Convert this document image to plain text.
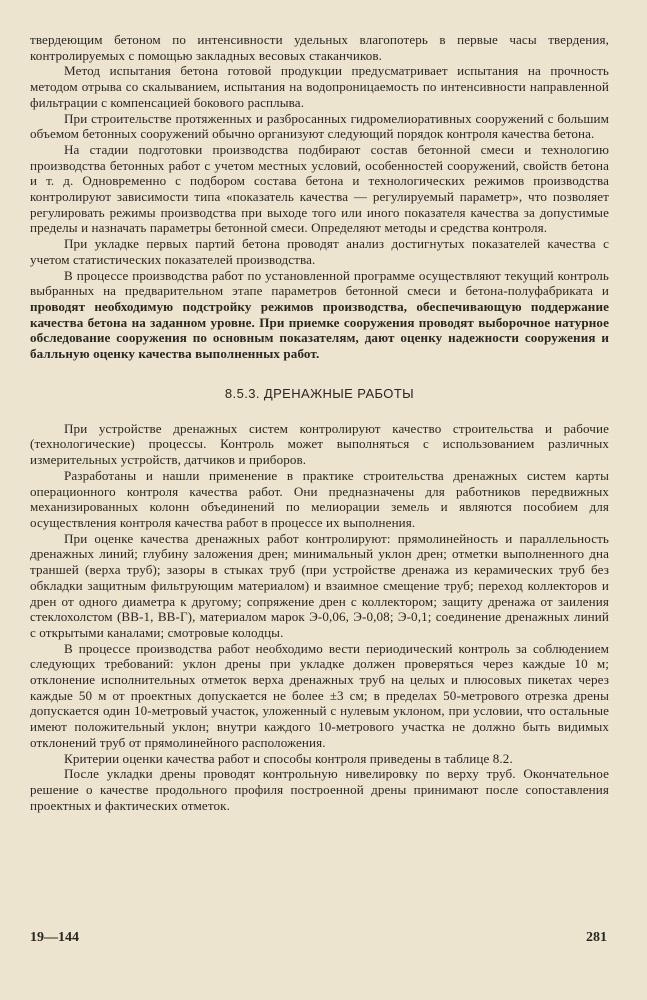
твердеющим бетоном по интенсивности удельных влагопотерь в первые часы твердения, контролируемых с помощью закладных весовых стаканчиков.

Метод испытания бетона готовой продукции предусматривает испытания на прочность методом отрыва со скалыванием, испытания на водопроницаемость по интенсивности направленной фильтрации с компенсацией бокового расплыва.

При строительстве протяженных и разбросанных гидромелиоративных сооружений с большим объемом бетонных сооружений обычно организуют следующий порядок контроля качества бетона.

На стадии подготовки производства подбирают состав бетонной смеси и технологию производства бетонных работ с учетом местных условий, особенностей сооружений, свойств бетона и т. д. Одновременно с подбором состава бетона и технологических режимов производства контролируют зависимости типа «показатель качества — регулируемый параметр», что позволяет регулировать режимы производства при выходе того или иного показателя качества за допустимые пределы и назначать параметры бетонной смеси. Определяют методы и средства контроля.

При укладке первых партий бетона проводят анализ достигнутых показателей качества с учетом статистических показателей производства.

В процессе производства работ по установленной программе осуществляют текущий контроль выбранных на предварительном этапе параметров бетонной смеси и бетона-полуфабриката и проводят необходимую подстройку режимов производства, обеспечивающую поддержание качества бетона на заданном уровне. При приемке сооружения проводят выборочное натурное обследование сооружения по основным показателям, дают оценку надежности сооружения и балльную оценку качества выполненных работ.

8.5.3. ДРЕНАЖНЫЕ РАБОТЫ

При устройстве дренажных систем контролируют качество строительства и рабочие (технологические) процессы. Контроль может выполняться с использованием различных измерительных устройств, датчиков и приборов.

Разработаны и нашли применение в практике строительства дренажных систем карты операционного контроля качества работ. Они предназначены для работников передвижных механизированных колонн объединений по мелиорации земель и являются пособием для осуществления контроля качества работ в процессе их выполнения.

При оценке качества дренажных работ контролируют: прямолинейность и параллельность дренажных линий; глубину заложения дрен; минимальный уклон дрен; отметки выполненного дна траншей (верха труб); зазоры в стыках труб (при устройстве дренажа из керамических труб без обкладки защитным фильтрующим материалом) и взаимное смещение труб; переход коллекторов и дрен от одного диаметра к другому; сопряжение дрен с коллектором; защиту дренажа от заиления стеклохолстом (ВВ-1, ВВ-Г), материалом марок Э-0,06, Э-0,08; Э-0,1; соединение дренажных линий с открытыми каналами; смотровые колодцы.

В процессе производства работ необходимо вести периодический контроль за соблюдением следующих требований: уклон дрены при укладке должен проверяться через каждые 10 м; отклонение исполнительных отметок верха дренажных труб на целых и плюсовых пикетах через каждые 50 м от проектных допускается не более ±3 см; в пределах 50-метрового отрезка дрены допускается один 10-метровый участок, уложенный с нулевым уклоном, при условии, что остальные имеют положительный уклон; внутри каждого 10-метрового участка не должно быть видимых отклонений труб от прямолинейного расположения.

Критерии оценки качества работ и способы контроля приведены в таблице 8.2.

После укладки дрены проводят контрольную нивелировку по верху труб. Окончательное решение о качестве продольного профиля построенной дрены принимают после сопоставления проектных и фактических отметок.

19—144	281
